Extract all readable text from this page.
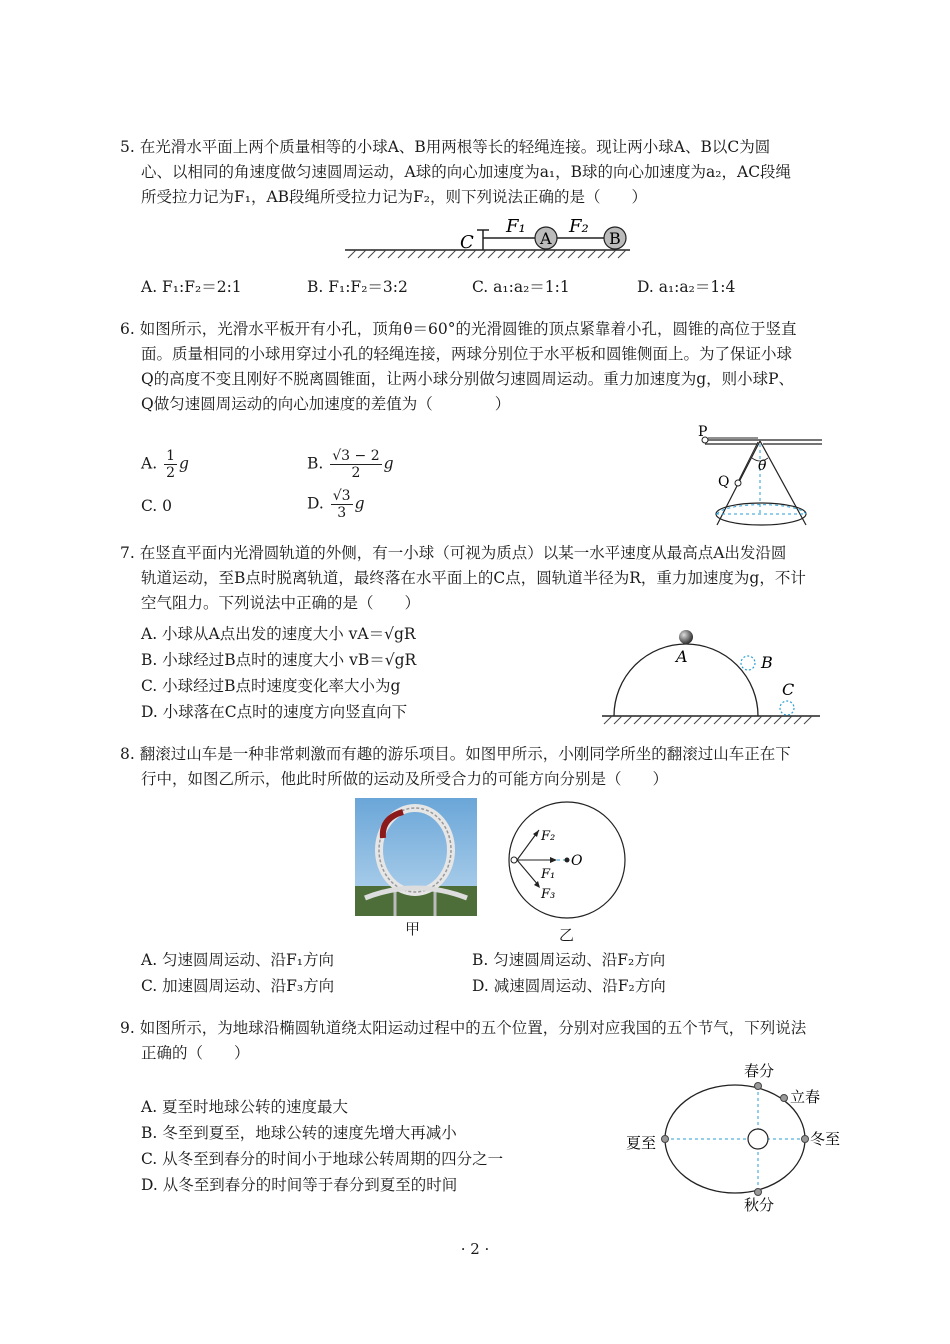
5. 在光滑水平面上两个质量相等的小球A、B用两根等长的轻绳连接。现让两小球A、B以C为圆
心、以相同的角速度做匀速圆周运动，A球的向心加速度为a₁，B球的向心加速度为a₂，AC段绳
所受拉力记为F₁，AB段绳所受拉力记为F₂，则下列说法正确的是（　　）
C
F₁
A
F₂
B
A. F₁:F₂＝2:1	B. F₁:F₂＝3:2	C. a₁:a₂＝1:1	D. a₁:a₂＝1:4
6. 如图所示，光滑水平板开有小孔，顶角θ＝60°的光滑圆锥的顶点紧靠着小孔，圆锥的高位于竖直
面。质量相同的小球用穿过小孔的轻绳连接，两球分别位于水平板和圆锥侧面上。为了保证小球
Q的高度不变且刚好不脱离圆锥面，让两小球分别做匀速圆周运动。重力加速度为g，则小球P、
Q做匀速圆周运动的向心加速度的差值为（　　　　）
A. $\frac{1}{2}$ g	B. $\frac{√3 - 2}{2}$ g
C. 0	D. $\frac{√3}{3}$ g
P
Q
θ
7. 在竖直平面内光滑圆轨道的外侧，有一小球（可视为质点）以某一水平速度从最高点A出发沿圆
轨道运动，至B点时脱离轨道，最终落在水平面上的C点，圆轨道半径为R，重力加速度为g，不计
空气阻力。下列说法中正确的是（　　）
A. 小球从A点出发的速度大小 vA＝√gR
B. 小球经过B点时的速度大小 vB＝√gR
C. 小球经过B点时速度变化率大小为g
D. 小球落在C点时的速度方向竖直向下
A	B
C
8. 翻滚过山车是一种非常刺激而有趣的游乐项目。如图甲所示，小刚同学所坐的翻滚过山车正在下
行中，如图乙所示，他此时所做的运动及所受合力的可能方向分别是（　　）
甲
F₂
F₁
F₃
O
乙
A. 匀速圆周运动、沿F₁方向	B. 匀速圆周运动、沿F₂方向
C. 加速圆周运动、沿F₃方向	D. 减速圆周运动、沿F₂方向
9. 如图所示，为地球沿椭圆轨道绕太阳运动过程中的五个位置，分别对应我国的五个节气，下列说法
正确的（　　）
A. 夏至时地球公转的速度最大
B. 冬至到夏至，地球公转的速度先增大再减小
C. 从冬至到春分的时间小于地球公转周期的四分之一
D. 从冬至到春分的时间等于春分到夏至的时间
春分
立春
冬至
夏至
秋分
· 2 ·
